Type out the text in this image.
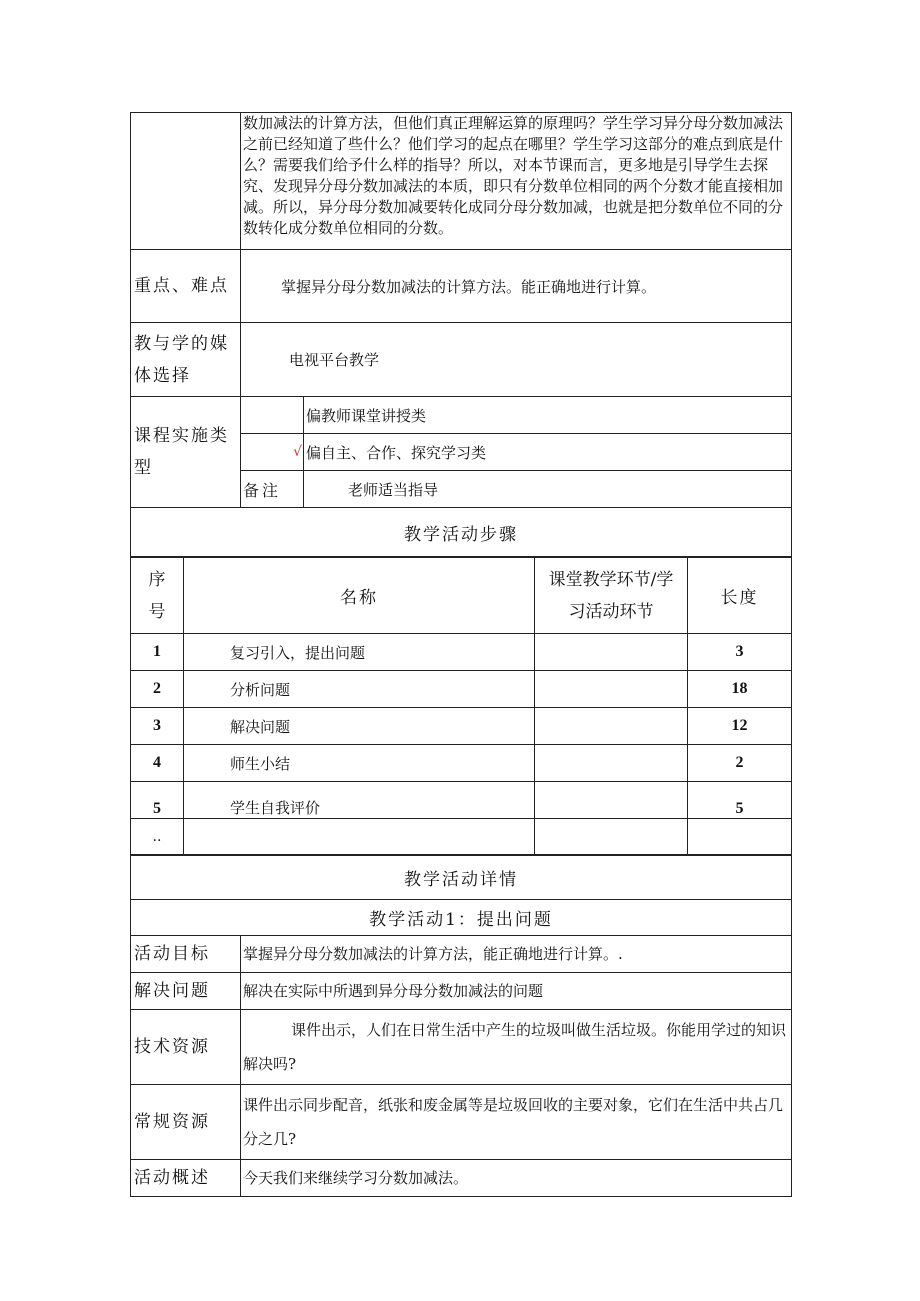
	数加减法的计算方法，但他们真正理解运算的原理吗？学生学习异分母分数加减法之前已经知道了些什么？他们学习的起点在哪里？学生学习这部分的难点到底是什么？需要我们给予什么样的指导？所以，对本节课而言，更多地是引导学生去探究、发现异分母分数加减法的本质，即只有分数单位相同的两个分数才能直接相加减。所以，异分母分数加减要转化成同分母分数加减，也就是把分数单位不同的分数转化成分数单位相同的分数。	
重点、难点	掌握异分母分数加减法的计算方法。能正确地进行计算。	
教与学的媒体选择	电视平台教学	
课程实施类型		偏教师课堂讲授类
	√	偏自主、合作、探究学习类
	备注	老师适当指导
教学活动步骤		
序号	名称	课堂教学环节/学习活动环节	长度
1	复习引入，提出问题		3
2	分析问题		18
3	解决问题		12
4	师生小结		2
5	学生自我评价		5
..			
教学活动详情	
教学活动1：提出问题	
活动目标	掌握异分母分数加减法的计算方法，能正确地进行计算。.
解决问题	解决在实际中所遇到异分母分数加减法的问题
技术资源	课件出示，人们在日常生活中产生的垃圾叫做生活垃圾。你能用学过的知识解决吗?
常规资源	课件出示同步配音，纸张和废金属等是垃圾回收的主要对象，它们在生活中共占几分之几?
活动概述	今天我们来继续学习分数加减法。
